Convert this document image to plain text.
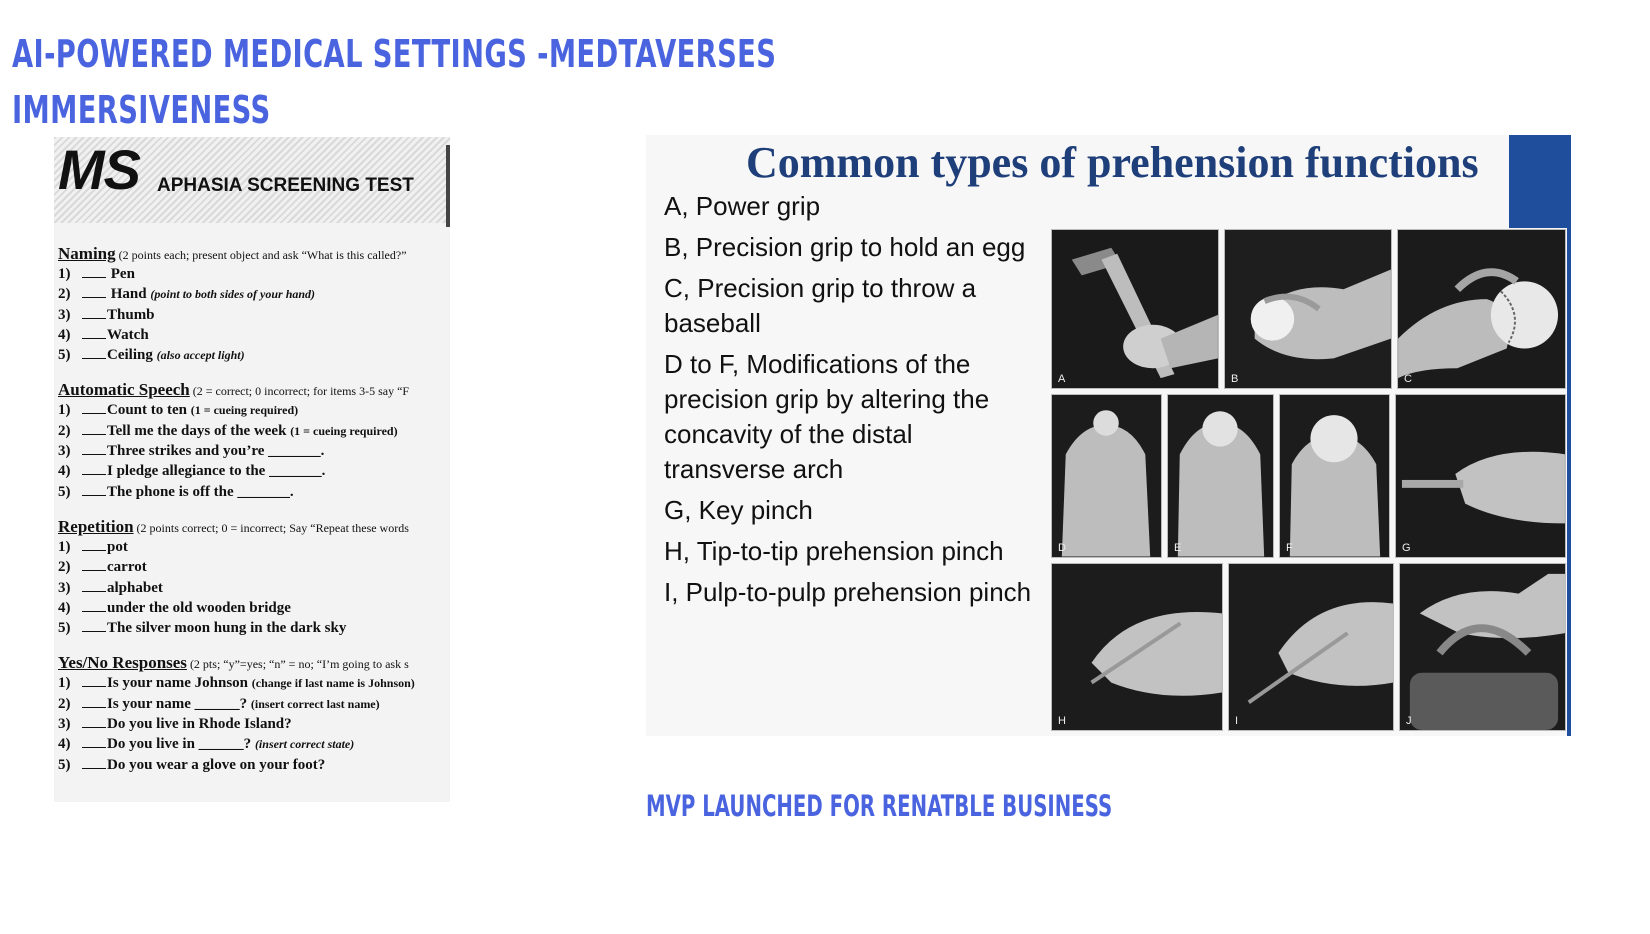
AI-POWERED MEDICAL SETTINGS -MEDTAVERSES
IMMERSIVENESS
MS APHASIA SCREENING TEST
Naming (2 points each; present object and ask “What is this called?”
1)	Pen
2)	Hand (point to both sides of your hand)
3) Thumb
4) Watch
5) Ceiling (also accept light)
Automatic Speech (2 = correct; 0 incorrect; for items 3-5 say “F
1) Count to ten (1 = cueing required)
2) Tell me the days of the week (1 = cueing required)
3) Three strikes and you’re _______.
4) I pledge allegiance to the _______.
5) The phone is off the _______.
Repetition (2 points correct; 0 = incorrect; Say “Repeat these words
1) pot
2) carrot
3) alphabet
4) under the old wooden bridge
5) The silver moon hung in the dark sky
Yes/No Responses (2 pts; “y”=yes; “n” = no; “I’m going to ask s
1) Is your name Johnson (change if last name is Johnson)
2) Is your name ______? (insert correct last name)
3) Do you live in Rhode Island?
4) Do you live in ______? (insert correct state)
5) Do you wear a glove on your foot?
Common types of prehension functions
A, Power grip
B, Precision grip to hold an egg
C, Precision grip to throw a baseball
D to F, Modifications of the precision grip by altering the concavity of the distal transverse arch
G, Key pinch
H, Tip-to-tip prehension pinch
I, Pulp-to-pulp prehension pinch
A	B	C
D	E	F	G
H	I	J

MVP LAUNCHED FOR RENATBLE BUSINESS
